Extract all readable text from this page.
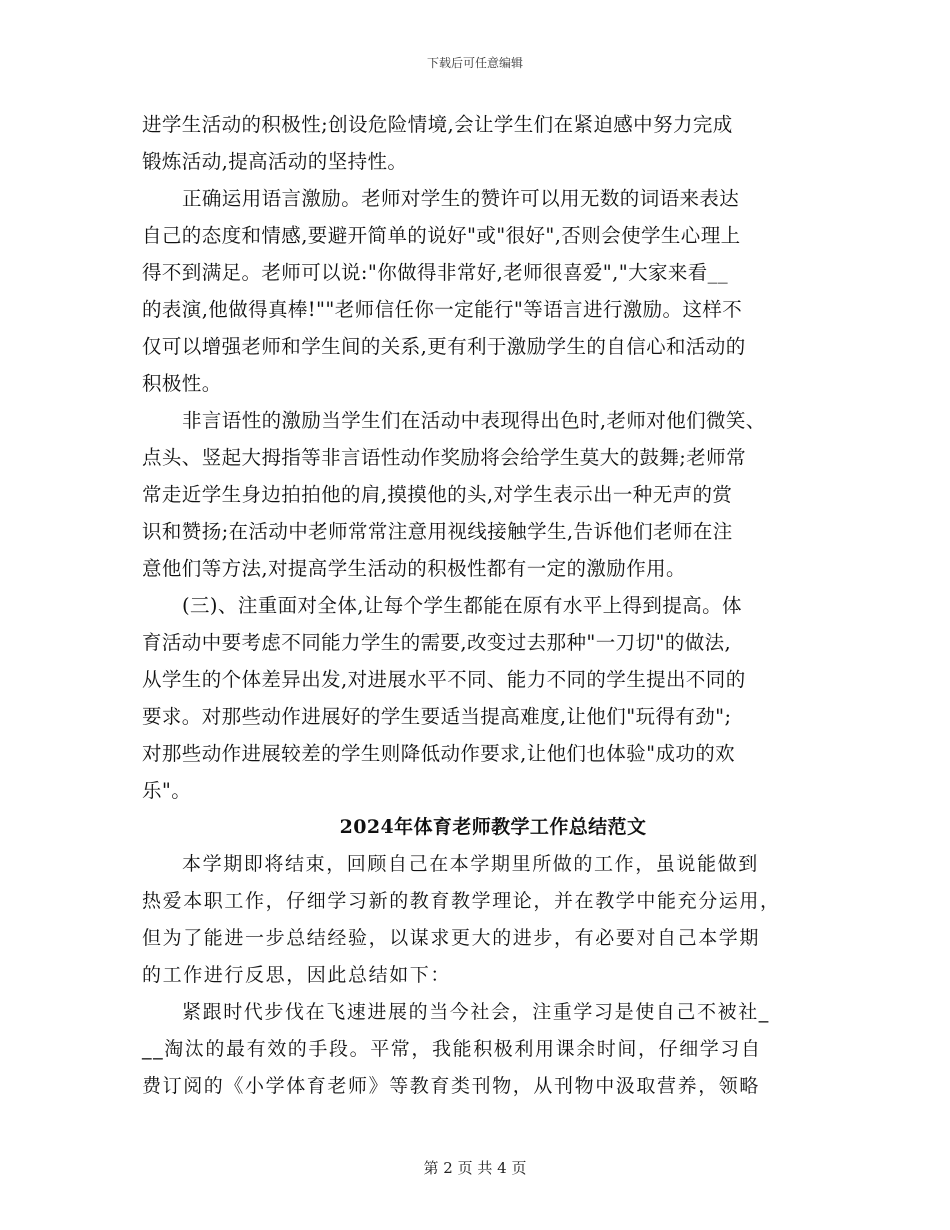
下载后可任意编辑
进学生活动的积极性;创设危险情境,会让学生们在紧迫感中努力完成
锻炼活动,提高活动的坚持性。
正确运用语言激励。老师对学生的赞许可以用无数的词语来表达
自己的态度和情感,要避开简单的说好"或"很好",否则会使学生心理上
得不到满足。老师可以说:"你做得非常好,老师很喜爱","大家来看__
的表演,他做得真棒!""老师信任你一定能行"等语言进行激励。这样不
仅可以增强老师和学生间的关系,更有利于激励学生的自信心和活动的
积极性。
非言语性的激励当学生们在活动中表现得出色时,老师对他们微笑、
点头、竖起大拇指等非言语性动作奖励将会给学生莫大的鼓舞;老师常
常走近学生身边拍拍他的肩,摸摸他的头,对学生表示出一种无声的赏
识和赞扬;在活动中老师常常注意用视线接触学生,告诉他们老师在注
意他们等方法,对提高学生活动的积极性都有一定的激励作用。
(三)、注重面对全体,让每个学生都能在原有水平上得到提高。体
育活动中要考虑不同能力学生的需要,改变过去那种"一刀切"的做法,
从学生的个体差异出发,对进展水平不同、能力不同的学生提出不同的
要求。对那些动作进展好的学生要适当提高难度,让他们"玩得有劲";
对那些动作进展较差的学生则降低动作要求,让他们也体验"成功的欢
乐"。
2024年体育老师教学工作总结范文
本学期即将结束，回顾自己在本学期里所做的工作，虽说能做到
热爱本职工作，仔细学习新的教育教学理论，并在教学中能充分运用，
但为了能进一步总结经验，以谋求更大的进步，有必要对自己本学期
的工作进行反思，因此总结如下：
紧跟时代步伐在飞速进展的当今社会，注重学习是使自己不被社_
__淘汰的最有效的手段。平常，我能积极利用课余时间，仔细学习自
费订阅的《小学体育老师》等教育类刊物，从刊物中汲取营养，领略
第 2 页 共 4 页
